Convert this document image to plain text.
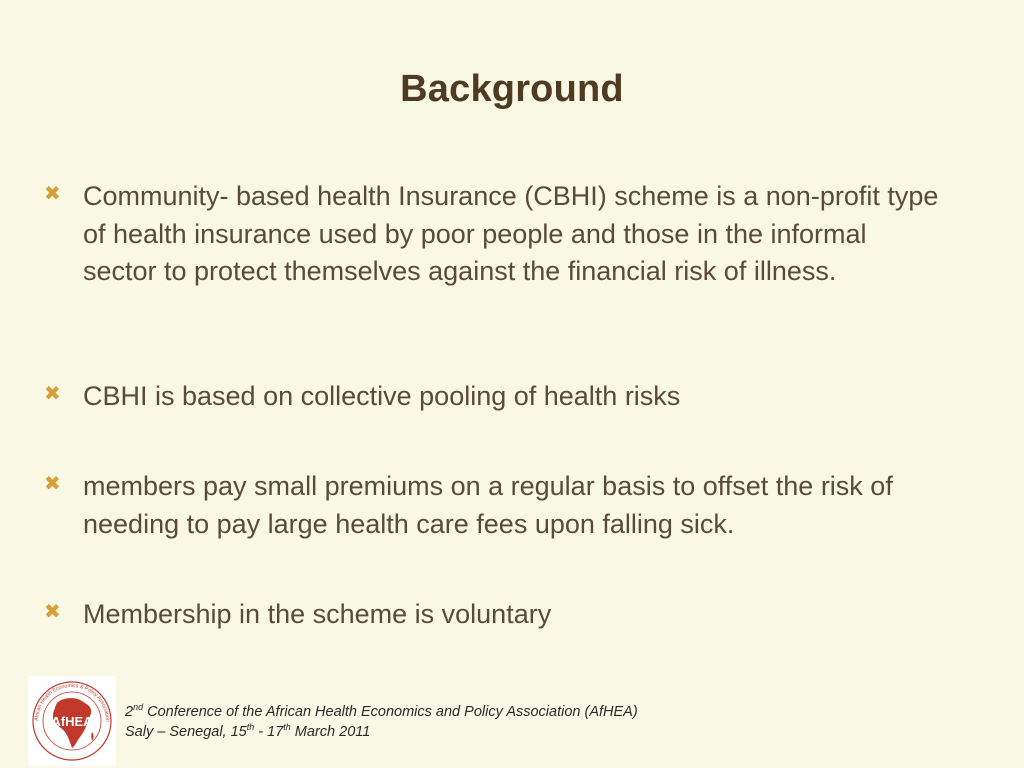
Background
✖ Community- based health Insurance (CBHI) scheme is a non-profit type of health insurance used by poor people and those in the informal sector to protect themselves against the financial risk of illness.
✖ CBHI is based on collective pooling of health risks
✖ members pay small premiums on a regular basis to offset the risk of needing to pay large health care fees upon falling sick.
✖ Membership in the scheme is voluntary
African Health Economics & Policy Association
AfHEA
2nd Conference of the African Health Economics and Policy Association (AfHEA)
Saly – Senegal, 15th - 17th March 2011
